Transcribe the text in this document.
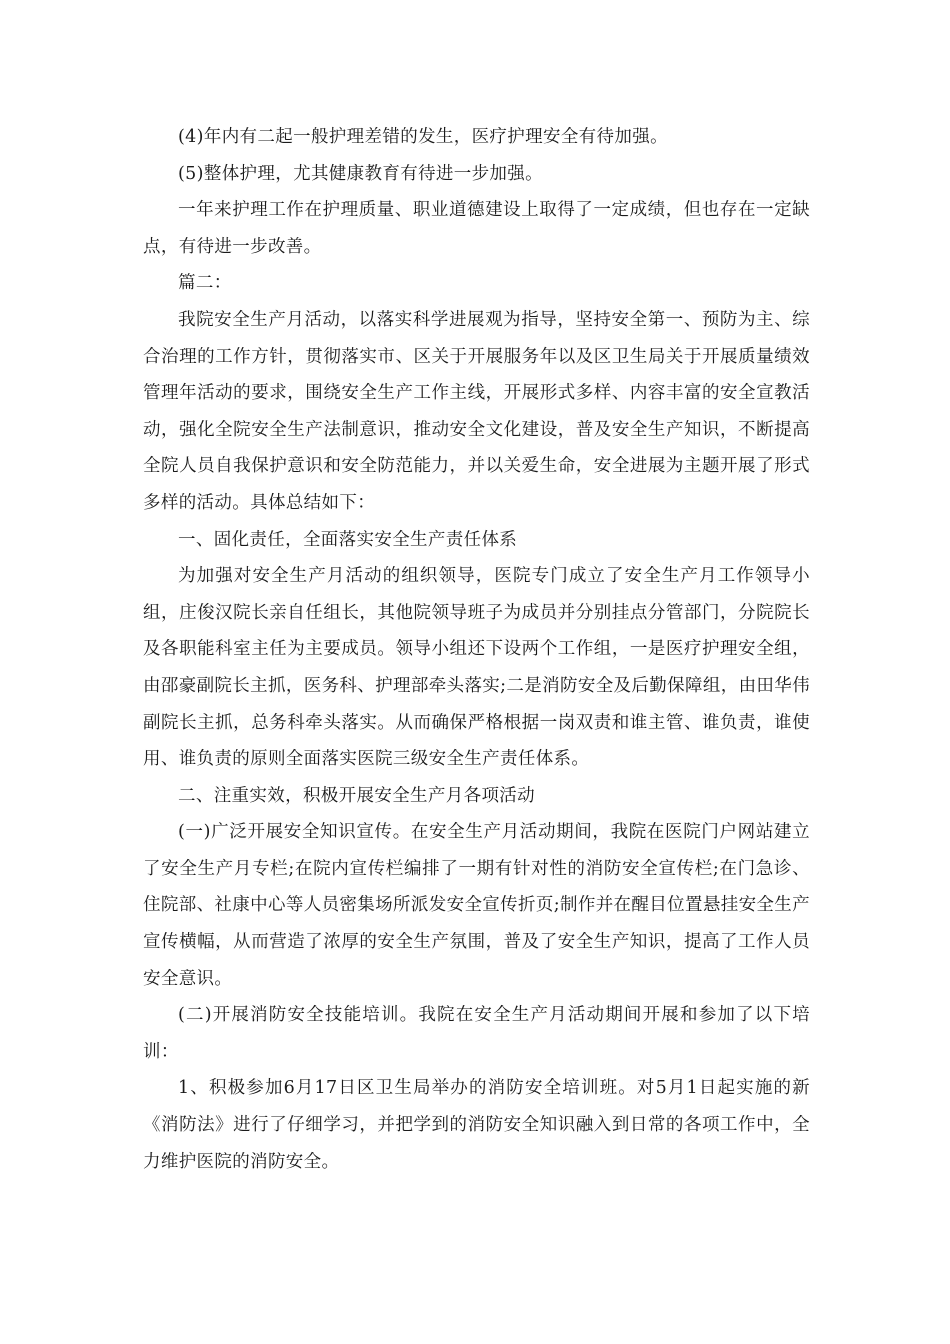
(4)年内有二起一般护理差错的发生，医疗护理安全有待加强。

(5)整体护理，尤其健康教育有待进一步加强。

一年来护理工作在护理质量、职业道德建设上取得了一定成绩，但也存在一定缺点，有待进一步改善。

篇二：

我院安全生产月活动，以落实科学进展观为指导，坚持安全第一、预防为主、综合治理的工作方针，贯彻落实市、区关于开展服务年以及区卫生局关于开展质量绩效管理年活动的要求，围绕安全生产工作主线，开展形式多样、内容丰富的安全宣教活动，强化全院安全生产法制意识，推动安全文化建设，普及安全生产知识，不断提高全院人员自我保护意识和安全防范能力，并以关爱生命，安全进展为主题开展了形式多样的活动。具体总结如下：

一、固化责任，全面落实安全生产责任体系

为加强对安全生产月活动的组织领导，医院专门成立了安全生产月工作领导小组，庄俊汉院长亲自任组长，其他院领导班子为成员并分别挂点分管部门，分院院长及各职能科室主任为主要成员。领导小组还下设两个工作组，一是医疗护理安全组，由邵豪副院长主抓，医务科、护理部牵头落实;二是消防安全及后勤保障组，由田华伟副院长主抓，总务科牵头落实。从而确保严格根据一岗双责和谁主管、谁负责，谁使用、谁负责的原则全面落实医院三级安全生产责任体系。

二、注重实效，积极开展安全生产月各项活动

(一)广泛开展安全知识宣传。在安全生产月活动期间，我院在医院门户网站建立了安全生产月专栏;在院内宣传栏编排了一期有针对性的消防安全宣传栏;在门急诊、住院部、社康中心等人员密集场所派发安全宣传折页;制作并在醒目位置悬挂安全生产宣传横幅，从而营造了浓厚的安全生产氛围，普及了安全生产知识，提高了工作人员安全意识。

(二)开展消防安全技能培训。我院在安全生产月活动期间开展和参加了以下培训：

1、积极参加6月17日区卫生局举办的消防安全培训班。对5月1日起实施的新《消防法》进行了仔细学习，并把学到的消防安全知识融入到日常的各项工作中，全力维护医院的消防安全。
